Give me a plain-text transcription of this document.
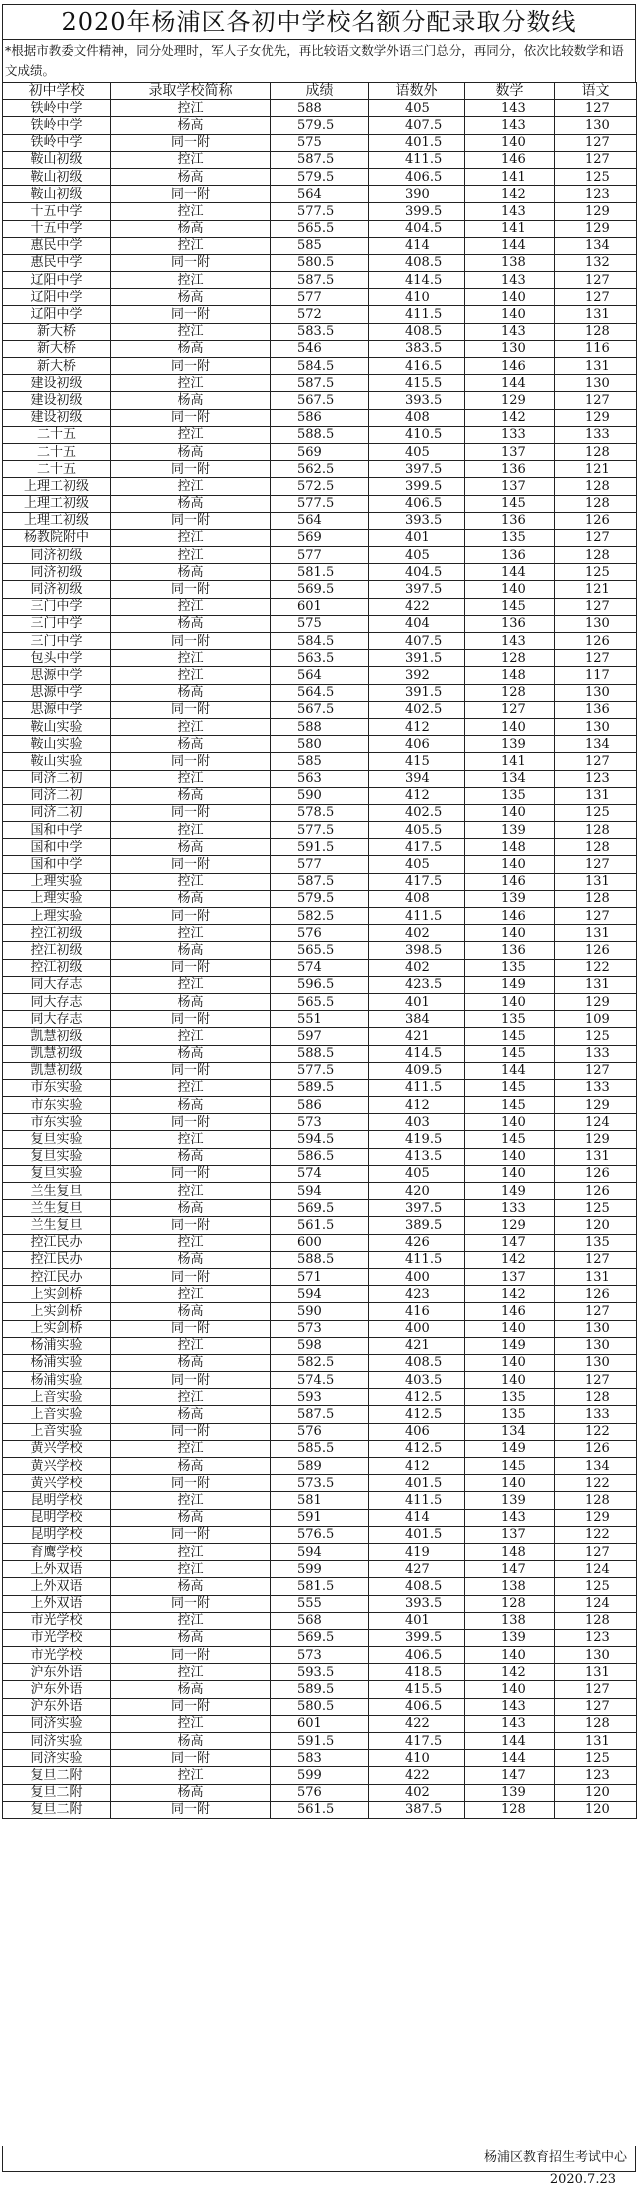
2020年杨浦区各初中学校名额分配录取分数线
*根据市教委文件精神，同分处理时，军人子女优先，再比较语文数学外语三门总分，再同分，依次比较数学和语文成绩。
初中学校	录取学校简称	成绩	语数外	数学	语文
铁岭中学	控江	588	405	143	127
铁岭中学	杨高	579.5	407.5	143	130
铁岭中学	同一附	575	401.5	140	127
鞍山初级	控江	587.5	411.5	146	127
鞍山初级	杨高	579.5	406.5	141	125
鞍山初级	同一附	564	390	142	123
十五中学	控江	577.5	399.5	143	129
十五中学	杨高	565.5	404.5	141	129
惠民中学	控江	585	414	144	134
惠民中学	同一附	580.5	408.5	138	132
辽阳中学	控江	587.5	414.5	143	127
辽阳中学	杨高	577	410	140	127
辽阳中学	同一附	572	411.5	140	131
新大桥	控江	583.5	408.5	143	128
新大桥	杨高	546	383.5	130	116
新大桥	同一附	584.5	416.5	146	131
建设初级	控江	587.5	415.5	144	130
建设初级	杨高	567.5	393.5	129	127
建设初级	同一附	586	408	142	129
二十五	控江	588.5	410.5	133	133
二十五	杨高	569	405	137	128
二十五	同一附	562.5	397.5	136	121
上理工初级	控江	572.5	399.5	137	128
上理工初级	杨高	577.5	406.5	145	128
上理工初级	同一附	564	393.5	136	126
杨教院附中	控江	569	401	135	127
同济初级	控江	577	405	136	128
同济初级	杨高	581.5	404.5	144	125
同济初级	同一附	569.5	397.5	140	121
三门中学	控江	601	422	145	127
三门中学	杨高	575	404	136	130
三门中学	同一附	584.5	407.5	143	126
包头中学	控江	563.5	391.5	128	127
思源中学	控江	564	392	148	117
思源中学	杨高	564.5	391.5	128	130
思源中学	同一附	567.5	402.5	127	136
鞍山实验	控江	588	412	140	130
鞍山实验	杨高	580	406	139	134
鞍山实验	同一附	585	415	141	127
同济二初	控江	563	394	134	123
同济二初	杨高	590	412	135	131
同济二初	同一附	578.5	402.5	140	125
国和中学	控江	577.5	405.5	139	128
国和中学	杨高	591.5	417.5	148	128
国和中学	同一附	577	405	140	127
上理实验	控江	587.5	417.5	146	131
上理实验	杨高	579.5	408	139	128
上理实验	同一附	582.5	411.5	146	127
控江初级	控江	576	402	140	131
控江初级	杨高	565.5	398.5	136	126
控江初级	同一附	574	402	135	122
同大存志	控江	596.5	423.5	149	131
同大存志	杨高	565.5	401	140	129
同大存志	同一附	551	384	135	109
凯慧初级	控江	597	421	145	125
凯慧初级	杨高	588.5	414.5	145	133
凯慧初级	同一附	577.5	409.5	144	127
市东实验	控江	589.5	411.5	145	133
市东实验	杨高	586	412	145	129
市东实验	同一附	573	403	140	124
复旦实验	控江	594.5	419.5	145	129
复旦实验	杨高	586.5	413.5	140	131
复旦实验	同一附	574	405	140	126
兰生复旦	控江	594	420	149	126
兰生复旦	杨高	569.5	397.5	133	125
兰生复旦	同一附	561.5	389.5	129	120
控江民办	控江	600	426	147	135
控江民办	杨高	588.5	411.5	142	127
控江民办	同一附	571	400	137	131
上实剑桥	控江	594	423	142	126
上实剑桥	杨高	590	416	146	127
上实剑桥	同一附	573	400	140	130
杨浦实验	控江	598	421	149	130
杨浦实验	杨高	582.5	408.5	140	130
杨浦实验	同一附	574.5	403.5	140	127
上音实验	控江	593	412.5	135	128
上音实验	杨高	587.5	412.5	135	133
上音实验	同一附	576	406	134	122
黄兴学校	控江	585.5	412.5	149	126
黄兴学校	杨高	589	412	145	134
黄兴学校	同一附	573.5	401.5	140	122
昆明学校	控江	581	411.5	139	128
昆明学校	杨高	591	414	143	129
昆明学校	同一附	576.5	401.5	137	122
育鹰学校	控江	594	419	148	127
上外双语	控江	599	427	147	124
上外双语	杨高	581.5	408.5	138	125
上外双语	同一附	555	393.5	128	124
市光学校	控江	568	401	138	128
市光学校	杨高	569.5	399.5	139	123
市光学校	同一附	573	406.5	140	130
沪东外语	控江	593.5	418.5	142	131
沪东外语	杨高	589.5	415.5	140	127
沪东外语	同一附	580.5	406.5	143	127
同济实验	控江	601	422	143	128
同济实验	杨高	591.5	417.5	144	131
同济实验	同一附	583	410	144	125
复旦二附	控江	599	422	147	123
复旦二附	杨高	576	402	139	120
复旦二附	同一附	561.5	387.5	128	120
杨浦区教育招生考试中心
2020.7.23
